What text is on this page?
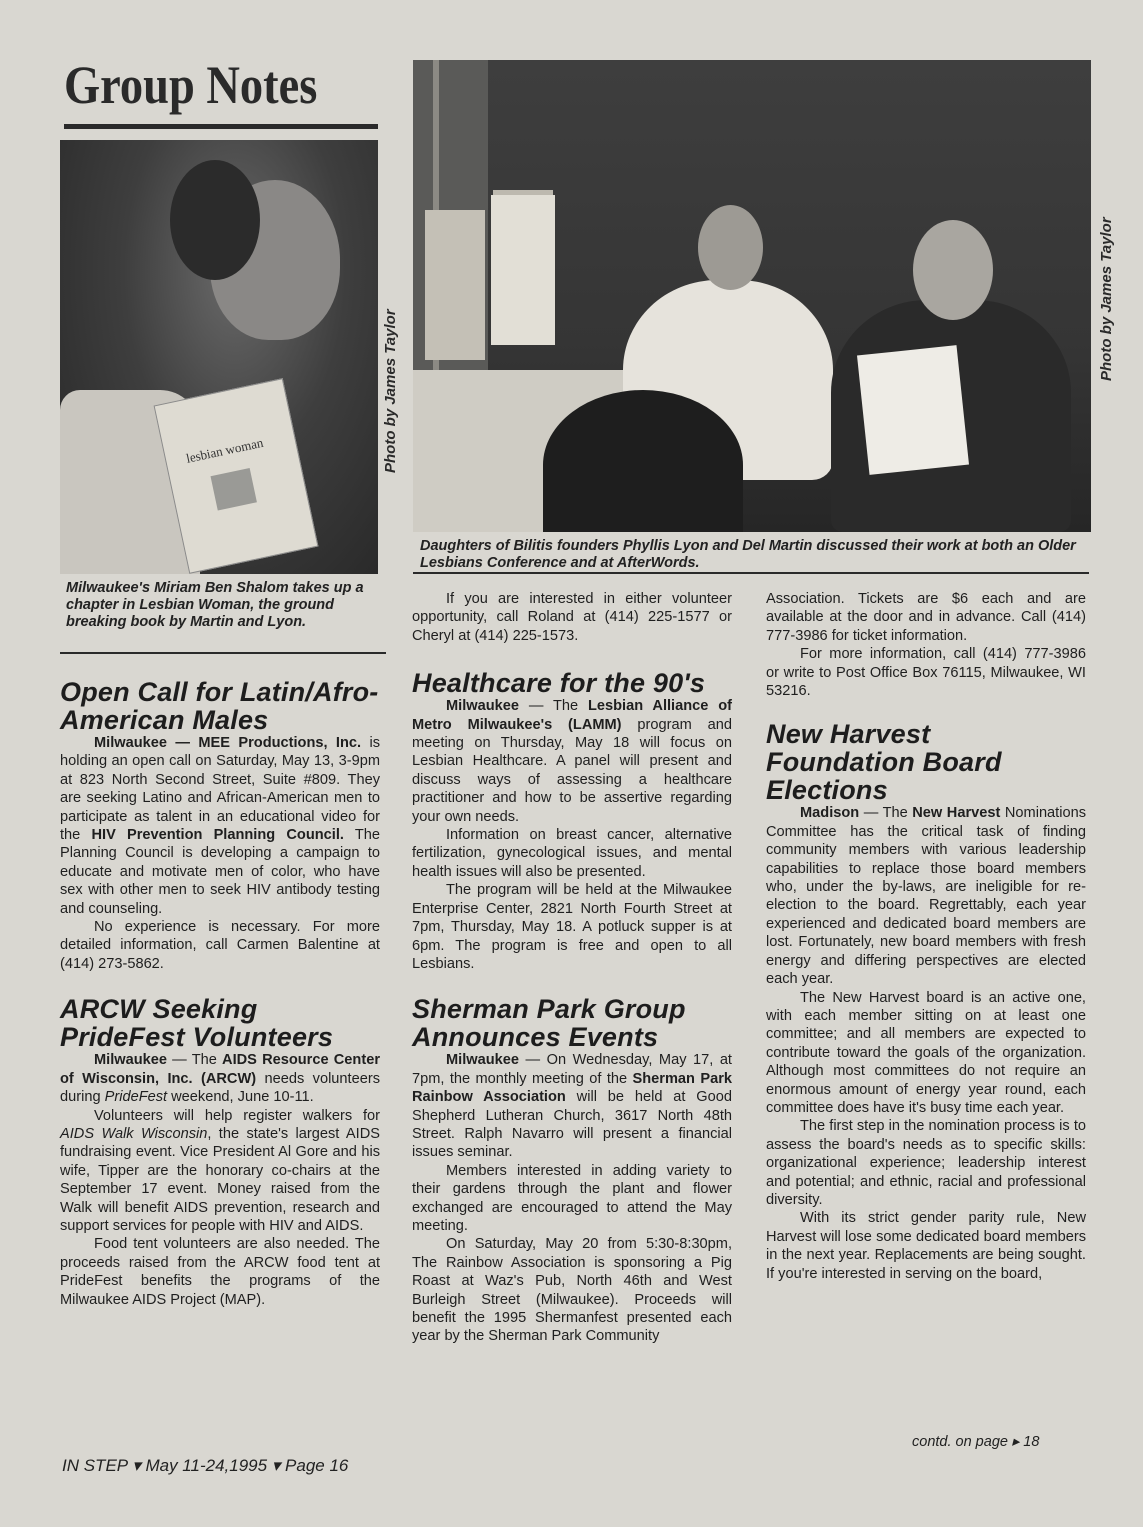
Group Notes
lesbian woman	Photo by James Taylor

Milwaukee's Miriam Ben Shalom takes up a chapter in Lesbian Woman, the ground breaking book by Martin and Lyon.

Photo by James Taylor

Daughters of Bilitis founders Phyllis Lyon and Del Martin discussed their work at both an Older Lesbians Conference and at AfterWords.

Open Call for Latin/Afro-American Males

Milwaukee — MEE Productions, Inc. is holding an open call on Saturday, May 13, 3-9pm at 823 North Second Street, Suite #809. They are seeking Latino and African-American men to participate as talent in an educational video for the HIV Prevention Planning Council. The Planning Council is developing a campaign to educate and motivate men of color, who have sex with other men to seek HIV antibody testing and counseling.

No experience is necessary. For more detailed information, call Carmen Balentine at (414) 273-5862.

ARCW Seeking PrideFest Volunteers

Milwaukee — The AIDS Resource Center of Wisconsin, Inc. (ARCW) needs volunteers during PrideFest weekend, June 10-11.

Volunteers will help register walkers for AIDS Walk Wisconsin, the state's largest AIDS fundraising event. Vice President Al Gore and his wife, Tipper are the honorary co-chairs at the September 17 event. Money raised from the Walk will benefit AIDS prevention, research and support services for people with HIV and AIDS.

Food tent volunteers are also needed. The proceeds raised from the ARCW food tent at PrideFest benefits the programs of the Milwaukee AIDS Project (MAP).

If you are interested in either volunteer opportunity, call Roland at (414) 225-1577 or Cheryl at (414) 225-1573.

Healthcare for the 90's

Milwaukee — The Lesbian Alliance of Metro Milwaukee's (LAMM) program and meeting on Thursday, May 18 will focus on Lesbian Healthcare. A panel will present and discuss ways of assessing a healthcare practitioner and how to be assertive regarding your own needs.

Information on breast cancer, alternative fertilization, gynecological issues, and mental health issues will also be presented.

The program will be held at the Milwaukee Enterprise Center, 2821 North Fourth Street at 7pm, Thursday, May 18. A potluck supper is at 6pm. The program is free and open to all Lesbians.

Sherman Park Group Announces Events

Milwaukee — On Wednesday, May 17, at 7pm, the monthly meeting of the Sherman Park Rainbow Association will be held at Good Shepherd Lutheran Church, 3617 North 48th Street. Ralph Navarro will present a financial issues seminar.

Members interested in adding variety to their gardens through the plant and flower exchanged are encouraged to attend the May meeting.

On Saturday, May 20 from 5:30-8:30pm, The Rainbow Association is sponsoring a Pig Roast at Waz's Pub, North 46th and West Burleigh Street (Milwaukee). Proceeds will benefit the 1995 Shermanfest presented each year by the Sherman Park Community

Association. Tickets are $6 each and are available at the door and in advance. Call (414) 777-3986 for ticket information.

For more information, call (414) 777-3986 or write to Post Office Box 76115, Milwaukee, WI 53216.

New Harvest Foundation Board Elections

Madison — The New Harvest Nominations Committee has the critical task of finding community members with various leadership capabilities to replace those board members who, under the by-laws, are ineligible for re-election to the board. Regrettably, each year experienced and dedicated board members are lost. Fortunately, new board members with fresh energy and differing perspectives are elected each year.

The New Harvest board is an active one, with each member sitting on at least one committee; and all members are expected to contribute toward the goals of the organization. Although most committees do not require an enormous amount of energy year round, each committee does have it's busy time each year.

The first step in the nomination process is to assess the board's needs as to specific skills: organizational experience; leadership interest and potential; and ethnic, racial and professional diversity.

With its strict gender parity rule, New Harvest will lose some dedicated board members in the next year. Replacements are being sought. If you're interested in serving on the board,

contd. on page ▸ 18
IN STEP ▾ May 11-24,1995 ▾ Page 16
